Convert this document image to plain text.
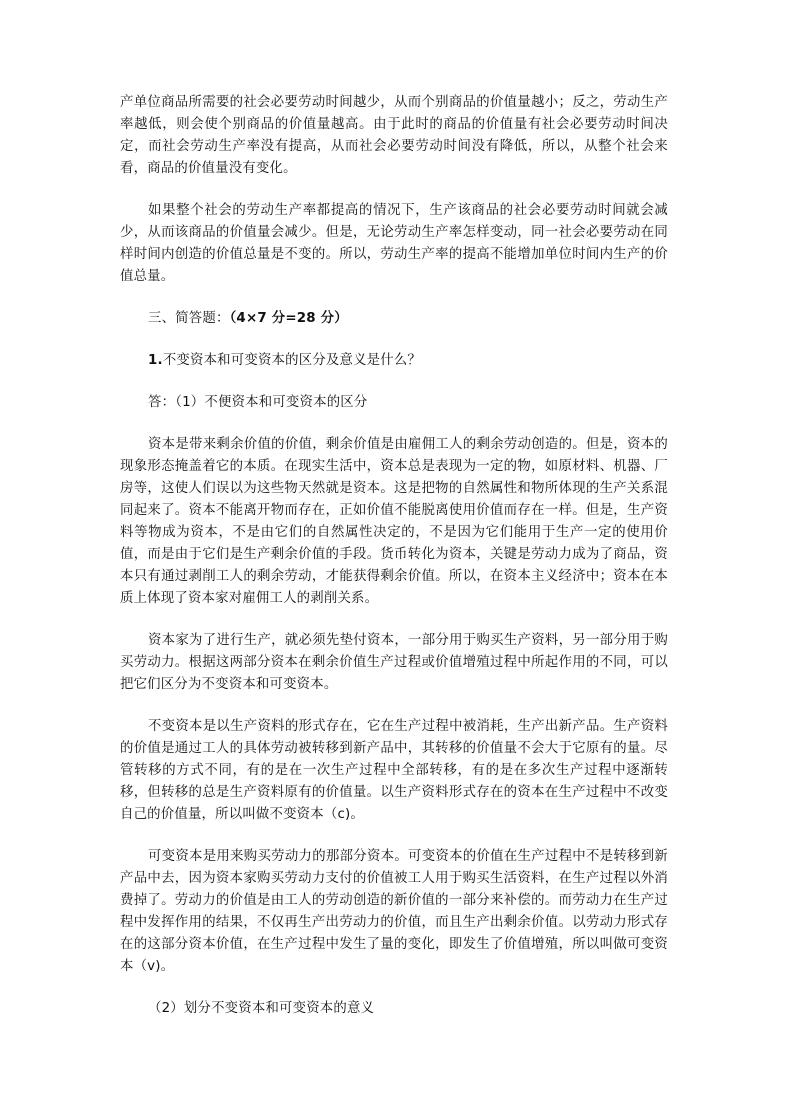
产单位商品所需要的社会必要劳动时间越少，从而个别商品的价值量越小；反之，劳动生产率越低，则会使个别商品的价值量越高。由于此时的商品的价值量有社会必要劳动时间决定，而社会劳动生产率没有提高，从而社会必要劳动时间没有降低，所以，从整个社会来看，商品的价值量没有变化。

如果整个社会的劳动生产率都提高的情况下，生产该商品的社会必要劳动时间就会减少，从而该商品的价值量会减少。但是，无论劳动生产率怎样变动，同一社会必要劳动在同样时间内创造的价值总量是不变的。所以，劳动生产率的提高不能增加单位时间内生产的价值总量。

三、简答题：（4×7 分=28 分）

1.不变资本和可变资本的区分及意义是什么？

答：（1）不便资本和可变资本的区分

资本是带来剩余价值的价值，剩余价值是由雇佣工人的剩余劳动创造的。但是，资本的现象形态掩盖着它的本质。在现实生活中，资本总是表现为一定的物，如原材料、机器、厂房等，这使人们误以为这些物天然就是资本。这是把物的自然属性和物所体现的生产关系混同起来了。资本不能离开物而存在，正如价值不能脱离使用价值而存在一样。但是，生产资料等物成为资本，不是由它们的自然属性决定的，不是因为它们能用于生产一定的使用价值，而是由于它们是生产剩余价值的手段。货币转化为资本，关键是劳动力成为了商品，资本只有通过剥削工人的剩余劳动，才能获得剩余价值。所以，在资本主义经济中；资本在本质上体现了资本家对雇佣工人的剥削关系。

资本家为了进行生产，就必须先垫付资本，一部分用于购买生产资料，另一部分用于购买劳动力。根据这两部分资本在剩余价值生产过程或价值增殖过程中所起作用的不同，可以把它们区分为不变资本和可变资本。

不变资本是以生产资料的形式存在，它在生产过程中被消耗，生产出新产品。生产资料的价值是通过工人的具体劳动被转移到新产品中，其转移的价值量不会大于它原有的量。尽管转移的方式不同，有的是在一次生产过程中全部转移，有的是在多次生产过程中逐渐转移，但转移的总是生产资料原有的价值量。以生产资料形式存在的资本在生产过程中不改变自己的价值量，所以叫做不变资本（c)。

可变资本是用来购买劳动力的那部分资本。可变资本的价值在生产过程中不是转移到新产品中去，因为资本家购买劳动力支付的价值被工人用于购买生活资料，在生产过程以外消费掉了。劳动力的价值是由工人的劳动创造的新价值的一部分来补偿的。而劳动力在生产过程中发挥作用的结果，不仅再生产出劳动力的价值，而且生产出剩余价值。以劳动力形式存在的这部分资本价值，在生产过程中发生了量的变化，即发生了价值增殖，所以叫做可变资本（v)。

（2）划分不变资本和可变资本的意义
